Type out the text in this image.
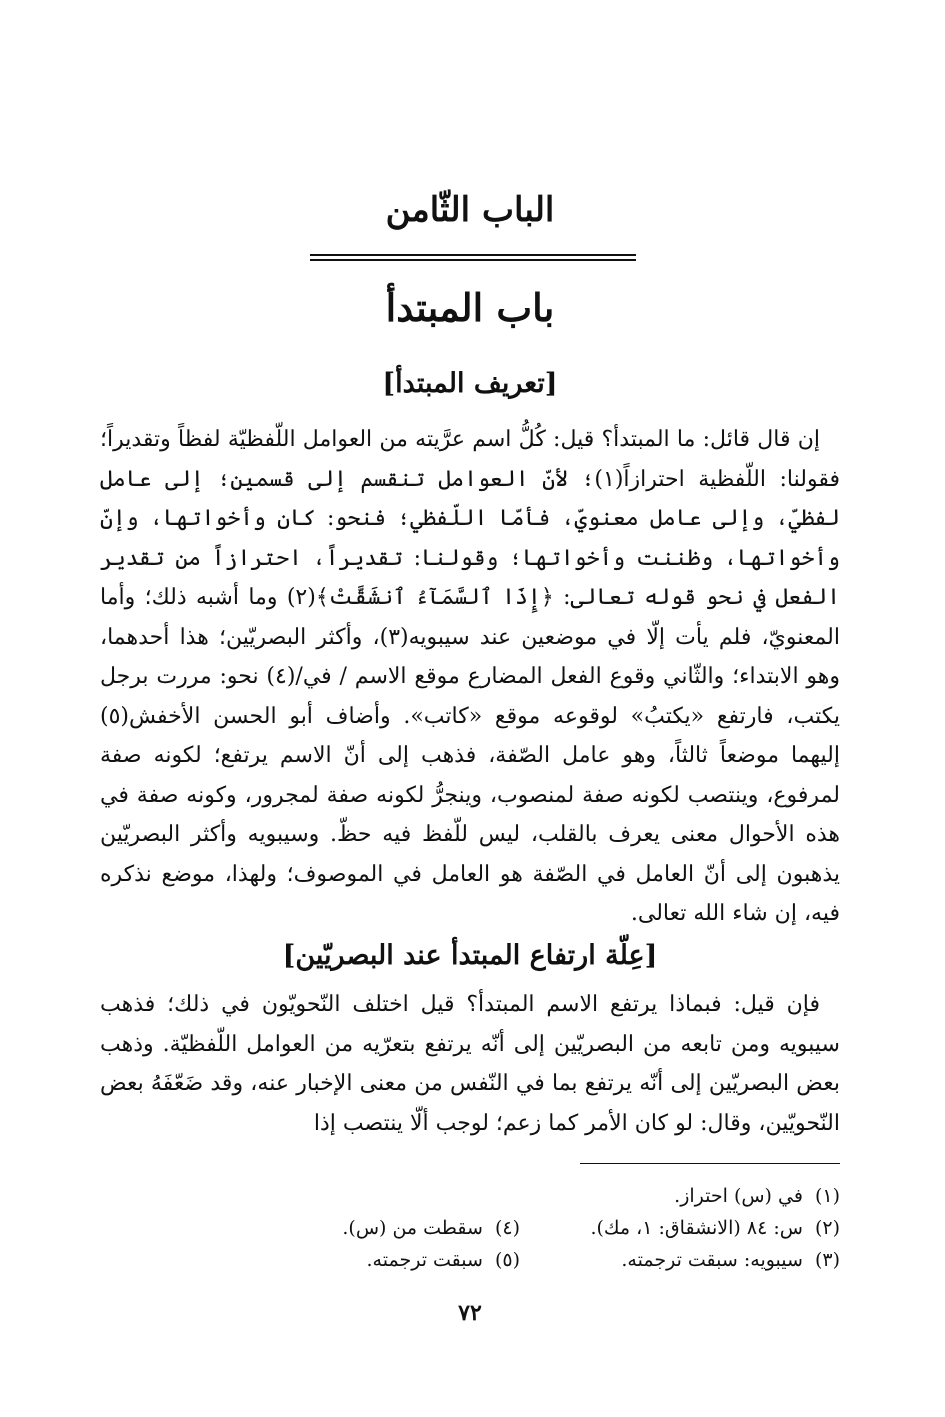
الباب الثّامن
باب المبتدأ
[تعريف المبتدأ]

إن قال قائل: ما المبتدأ؟ قيل: كُلُّ اسم عرَّيته من العوامل اللّفظيّة لفظاً وتقديراً؛ فقولنا: اللّفظية احترازاً(١)؛ لأنّ العوامل تنقسم إلى قسمين؛ إلى عامل لفظيّ، وإلى عامل معنويّ، فأمّا اللّفظي؛ فنحو: كان وأخواتها، وإنّ وأخواتها، وظننت وأخواتها؛ وقولنا: تقديراً، احترازاً من تقدير الفعل في نحو قوله تعالى: ﴿إِذَا ٱلسَّمَآءُ ٱنشَقَّتْ﴾(٢) وما أشبه ذلك؛ وأما المعنويّ، فلم يأت إلّا في موضعين عند سيبويه(٣)، وأكثر البصريّين؛ هذا أحدهما، وهو الابتداء؛ والثّاني وقوع الفعل المضارع موقع الاسم / في/(٤) نحو: مررت برجل يكتب، فارتفع «يكتبُ» لوقوعه موقع «كاتب». وأضاف أبو الحسن الأخفش(٥) إليهما موضعاً ثالثاً، وهو عامل الصّفة، فذهب إلى أنّ الاسم يرتفع؛ لكونه صفة لمرفوع، وينتصب لكونه صفة لمنصوب، وينجرُّ لكونه صفة لمجرور، وكونه صفة في هذه الأحوال معنى يعرف بالقلب، ليس للّفظ فيه حظّ. وسيبويه وأكثر البصريّين يذهبون إلى أنّ العامل في الصّفة هو العامل في الموصوف؛ ولهذا، موضع نذكره فيه، إن شاء الله تعالى.

[عِلّة ارتفاع المبتدأ عند البصريّين]

فإن قيل: فبماذا يرتفع الاسم المبتدأ؟ قيل اختلف النّحويّون في ذلك؛ فذهب سيبويه ومن تابعه من البصريّين إلى أنّه يرتفع بتعرّيه من العوامل اللّفظيّة. وذهب بعض البصريّين إلى أنّه يرتفع بما في النّفس من معنى الإخبار عنه، وقد ضَعّفَهُ بعض النّحويّين، وقال: لو كان الأمر كما زعم؛ لوجب ألّا ينتصب إذا

(١)في (س) احتراز.
(٢)س: ٨٤ (الانشقاق: ١، مك).
(٤)سقطت من (س).
(٣)سيبويه: سبقت ترجمته.
(٥)سبقت ترجمته.
٧٢
